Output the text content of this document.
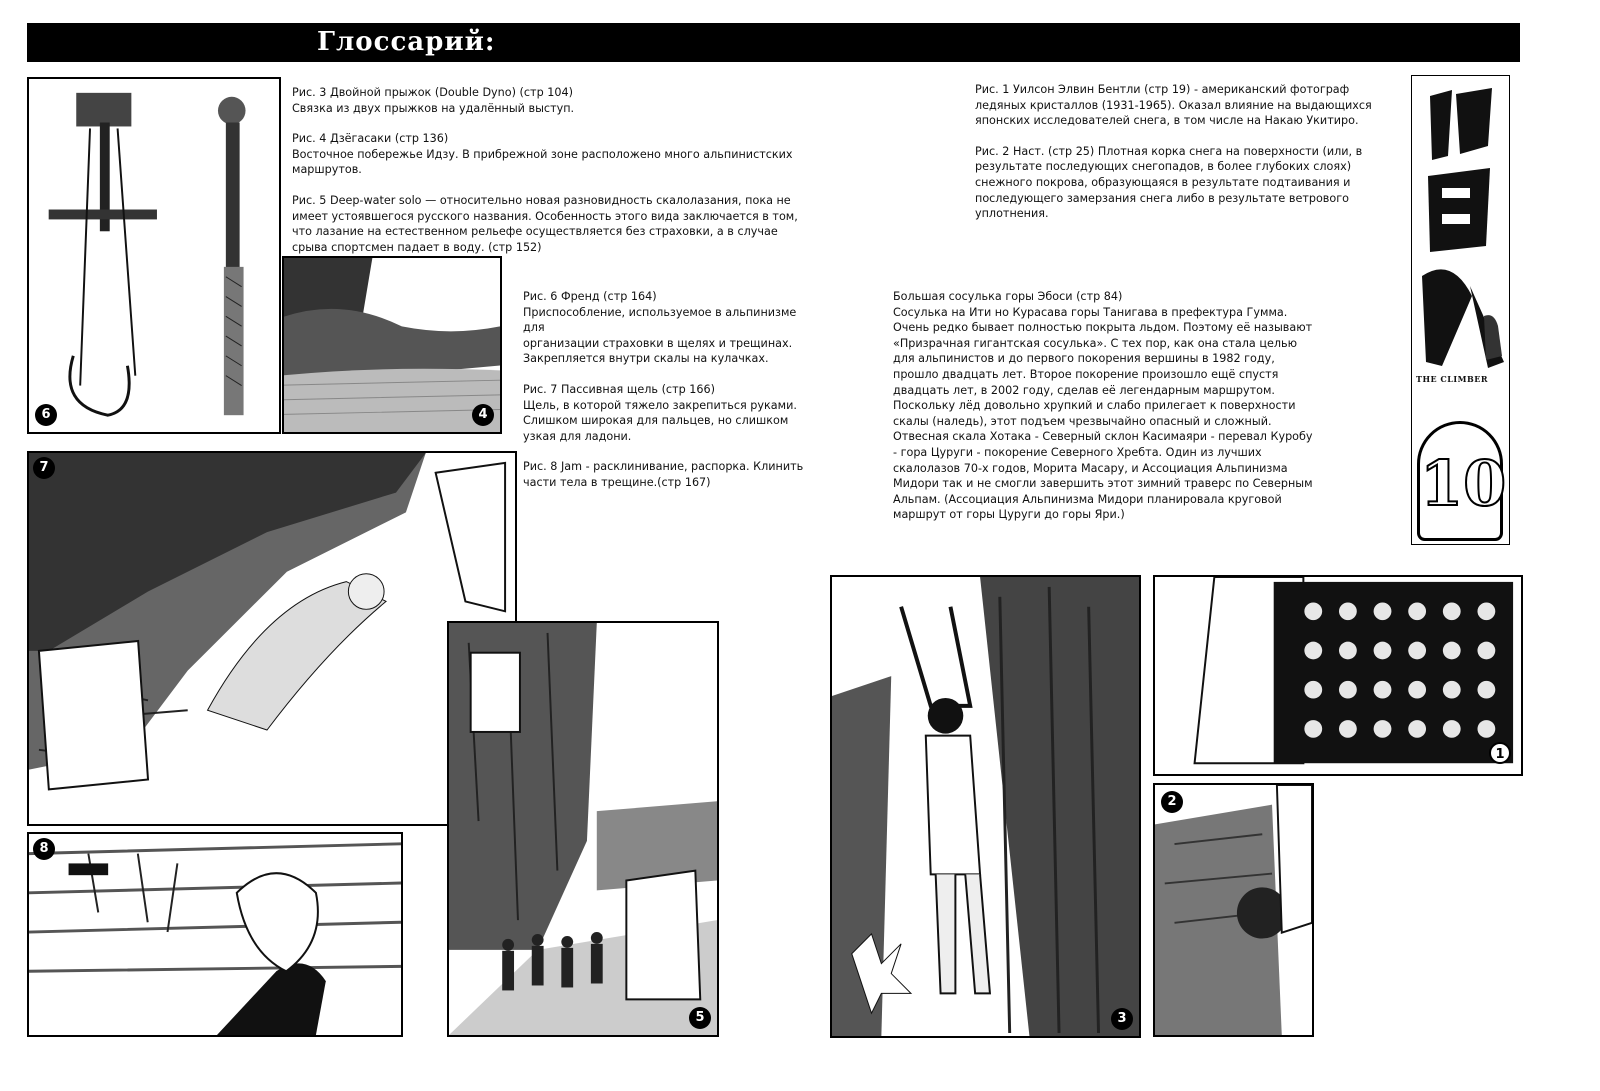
Глоссарий:
6

Рис. 3 Двойной прыжок (Double Dyno) (стр 104)
Связка из двух прыжков на удалённый выступ.

Рис. 4 Дзёгасаки (стр 136)
Восточное побережье Идзу. В прибрежной зоне расположено много альпинистских маршрутов.

Рис. 5 Deep-water solo — относительно новая разновидность скалолазания, пока не имеет устоявшегося русского названия. Особенность этого вида заключается в том, что лазание на естественном рельефе осуществляется без страховки, а в случае срыва спортсмен падает в воду. (стр 152)

4

Рис. 6 Френд (стр 164)
Приспособление, используемое в альпинизме для
организации страховки в щелях и трещинах. Закрепляется внутри скалы на кулачках.

Рис. 7 Пассивная щель (стр 166)
Щель, в которой тяжело закрепиться руками. Слишком широкая для пальцев, но слишком узкая для ладони.

Рис. 8 Jam - расклинивание, распорка. Клинить
части тела в трещине.(стр 167)

7
8
5

Рис. 1 Уилсон Элвин Бентли (стр 19) - американский фотограф ледяных кристаллов (1931-1965). Оказал влияние на выдающихся японских исследователей снега, в том числе на Накаю Укитиро.

Рис. 2 Наст. (стр 25) Плотная корка снега на поверхности (или, в результате последующих снегопадов, в более глубоких слоях) снежного покрова, образующаяся в результате подтаивания и последующего замерзания снега либо в результате ветрового уплотнения.

Большая сосулька горы Эбоси (стр 84)
Сосулька на Ити но Курасава горы Танигава в префектура Гумма. Очень редко бывает полностью покрыта льдом. Поэтому её называют «Призрачная гигантская сосулька». С тех пор, как она стала целью для альпинистов и до первого покорения вершины в 1982 году, прошло двадцать лет. Второе покорение произошло ещё спустя двадцать лет, в 2002 году, сделав её легендарным маршрутом. Поскольку лёд довольно хрупкий и слабо прилегает к поверхности скалы (наледь), этот подъем чрезвычайно опасный и сложный.
Отвесная скала Хотака - Северный склон Касимаяри - перевал Куробу - гора Цуруги - покорение Северного Хребта. Один из лучших скалолазов 70-х годов, Морита Масару, и Ассоциация Альпинизма Мидори так и не смогли завершить этот зимний траверс по Северным Альпам. (Ассоциация Альпинизма Мидори планировала круговой маршрут от горы Цуруги до горы Яри.)

THE CLIMBER
10
3
1
2
